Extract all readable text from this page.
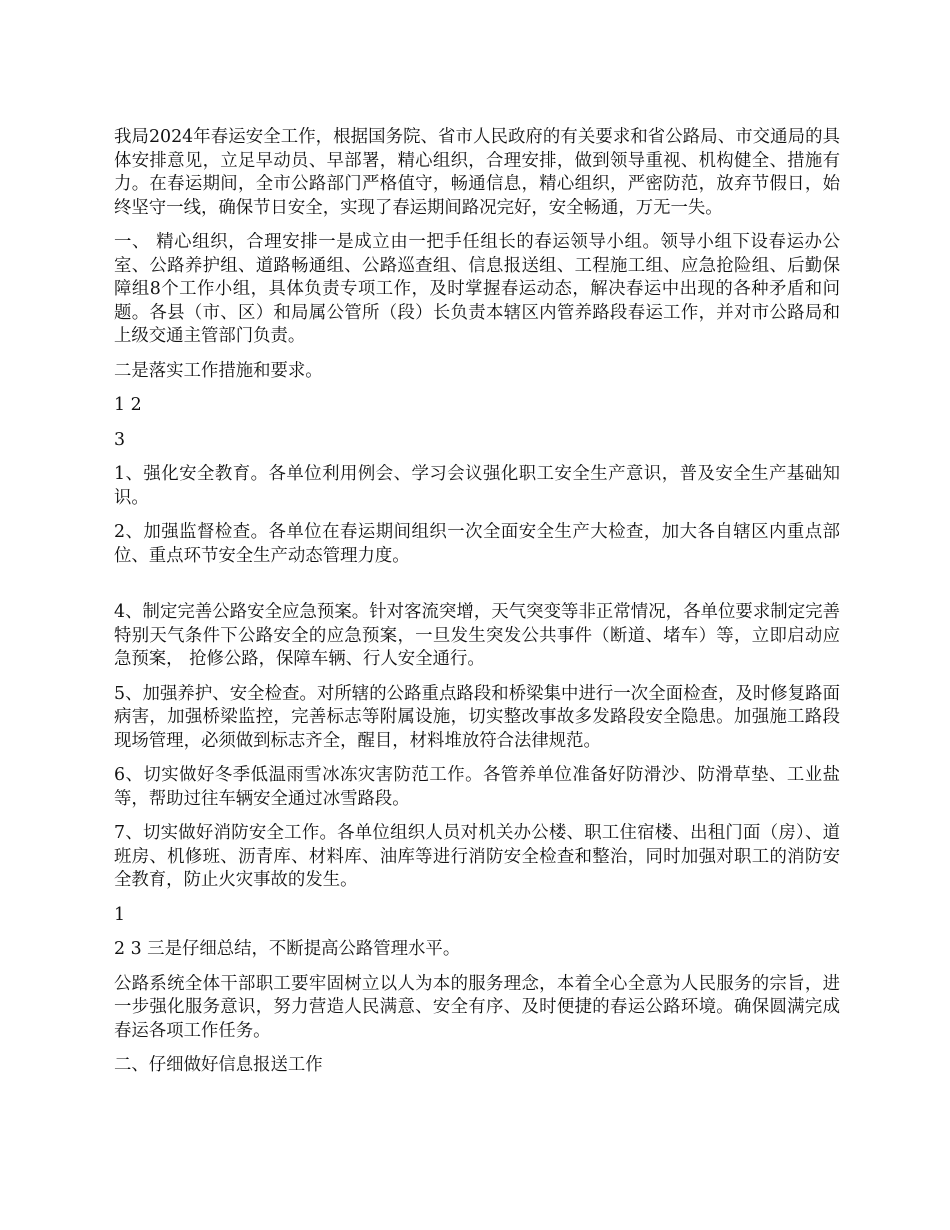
我局2024年春运安全工作，根据国务院、省市人民政府的有关要求和省公路局、市交通局的具体安排意见，立足早动员、早部署，精心组织，合理安排，做到领导重视、机构健全、措施有力。在春运期间，全市公路部门严格值守，畅通信息，精心组织，严密防范，放弃节假日，始终坚守一线，确保节日安全，实现了春运期间路况完好，安全畅通，万无一失。

一、 精心组织，合理安排一是成立由一把手任组长的春运领导小组。领导小组下设春运办公室、公路养护组、道路畅通组、公路巡查组、信息报送组、工程施工组、应急抢险组、后勤保障组8个工作小组，具体负责专项工作，及时掌握春运动态，解决春运中出现的各种矛盾和问题。各县（市、区）和局属公管所（段）长负责本辖区内管养路段春运工作，并对市公路局和上级交通主管部门负责。

二是落实工作措施和要求。

1 2

3

1、强化安全教育。各单位利用例会、学习会议强化职工安全生产意识，普及安全生产基础知识。

2、加强监督检查。各单位在春运期间组织一次全面安全生产大检查，加大各自辖区内重点部位、重点环节安全生产动态管理力度。

4、制定完善公路安全应急预案。针对客流突增，天气突变等非正常情况，各单位要求制定完善特别天气条件下公路安全的应急预案，一旦发生突发公共事件（断道、堵车）等，立即启动应急预案， 抢修公路，保障车辆、行人安全通行。

5、加强养护、安全检查。对所辖的公路重点路段和桥梁集中进行一次全面检查，及时修复路面病害，加强桥梁监控，完善标志等附属设施，切实整改事故多发路段安全隐患。加强施工路段现场管理，必须做到标志齐全，醒目，材料堆放符合法律规范。

6、切实做好冬季低温雨雪冰冻灾害防范工作。各管养单位准备好防滑沙、防滑草垫、工业盐等，帮助过往车辆安全通过冰雪路段。

7、切实做好消防安全工作。各单位组织人员对机关办公楼、职工住宿楼、出租门面（房）、道班房、机修班、沥青库、材料库、油库等进行消防安全检查和整治，同时加强对职工的消防安全教育，防止火灾事故的发生。

1

2 3 三是仔细总结，不断提高公路管理水平。

公路系统全体干部职工要牢固树立以人为本的服务理念，本着全心全意为人民服务的宗旨，进一步强化服务意识，努力营造人民满意、安全有序、及时便捷的春运公路环境。确保圆满完成春运各项工作任务。

二、仔细做好信息报送工作
